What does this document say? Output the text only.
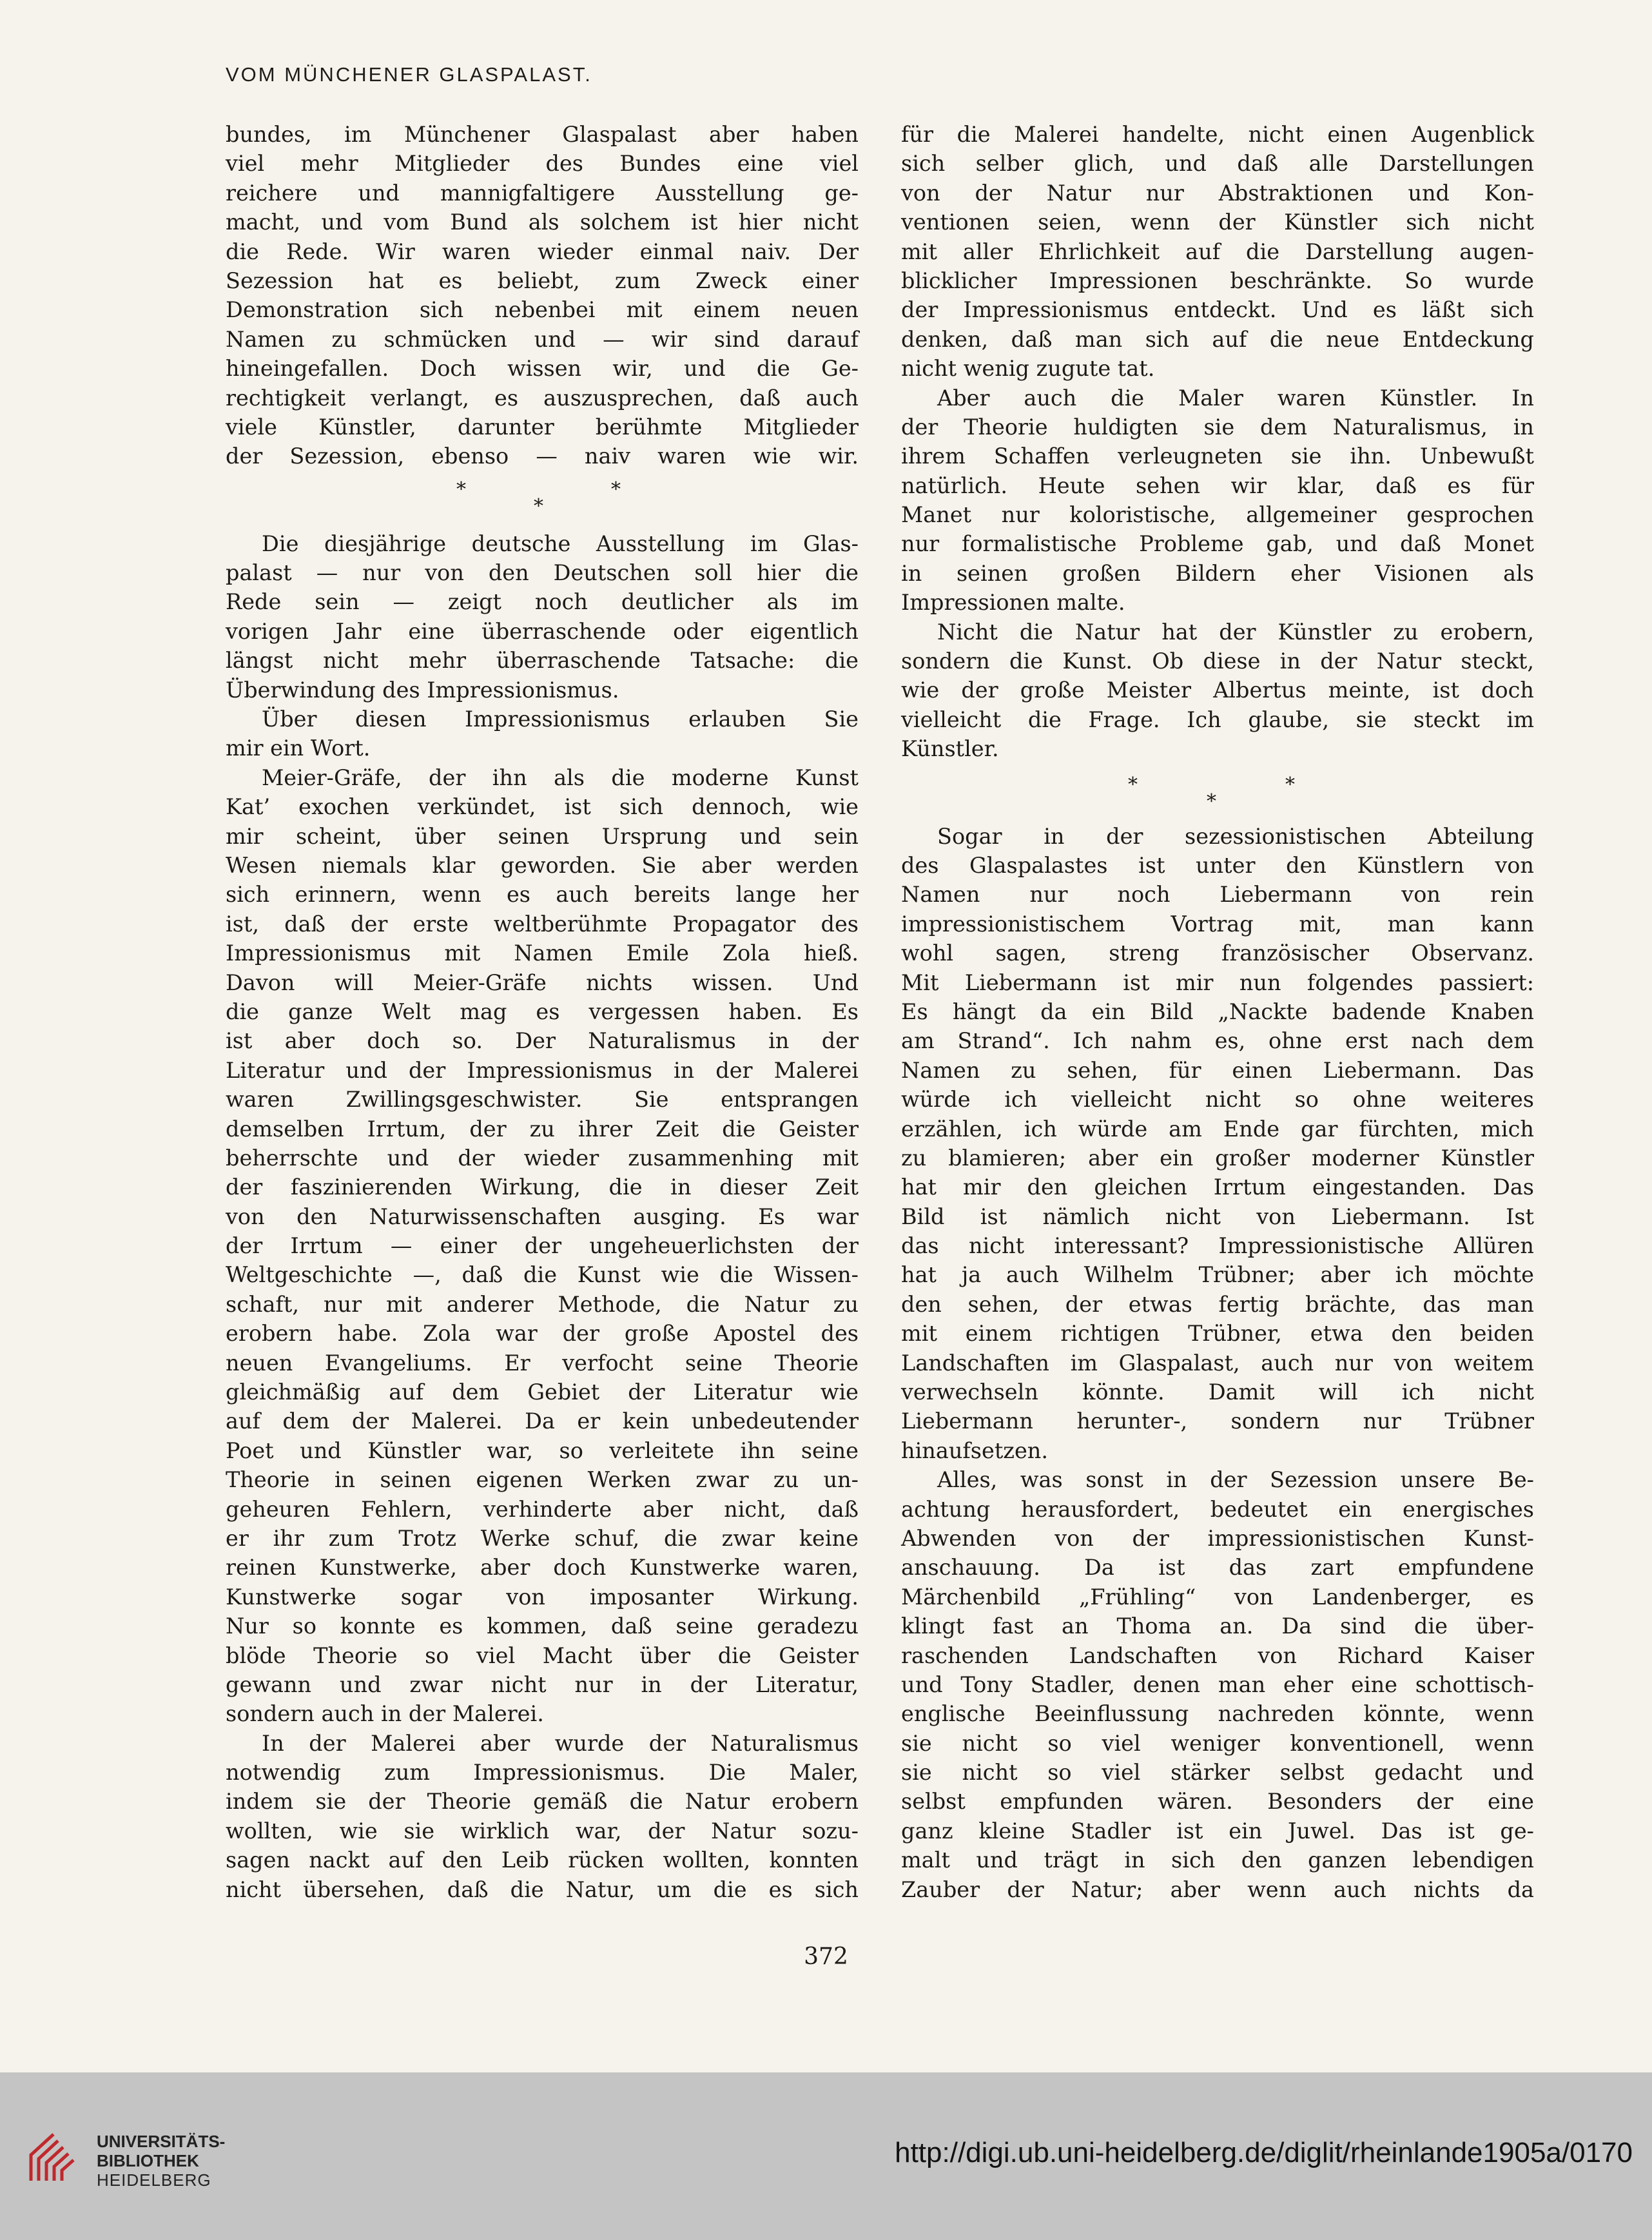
VOM MÜNCHENER GLASPALAST.
bundes, im Münchener Glaspalast aber haben
viel mehr Mitglieder des Bundes eine viel
reichere und mannigfaltigere Ausstellung ge-
macht, und vom Bund als solchem ist hier nicht
die Rede. Wir waren wieder einmal naiv. Der
Sezession hat es beliebt, zum Zweck einer
Demonstration sich nebenbei mit einem neuen
Namen zu schmücken und — wir sind darauf
hineingefallen. Doch wissen wir, und die Ge-
rechtigkeit verlangt, es auszusprechen, daß auch
viele Künstler, darunter berühmte Mitglieder
der Sezession, ebenso — naiv waren wie wir.
*
*
*
Die diesjährige deutsche Ausstellung im Glas-
palast — nur von den Deutschen soll hier die
Rede sein — zeigt noch deutlicher als im
vorigen Jahr eine überraschende oder eigentlich
längst nicht mehr überraschende Tatsache: die
Überwindung des Impressionismus.
Über diesen Impressionismus erlauben Sie
mir ein Wort.
Meier-Gräfe, der ihn als die moderne Kunst
Kat’ exochen verkündet, ist sich dennoch, wie
mir scheint, über seinen Ursprung und sein
Wesen niemals klar geworden. Sie aber werden
sich erinnern, wenn es auch bereits lange her
ist, daß der erste weltberühmte Propagator des
Impressionismus mit Namen Emile Zola hieß.
Davon will Meier-Gräfe nichts wissen. Und
die ganze Welt mag es vergessen haben. Es
ist aber doch so. Der Naturalismus in der
Literatur und der Impressionismus in der Malerei
waren Zwillingsgeschwister. Sie entsprangen
demselben Irrtum, der zu ihrer Zeit die Geister
beherrschte und der wieder zusammenhing mit
der faszinierenden Wirkung, die in dieser Zeit
von den Naturwissenschaften ausging. Es war
der Irrtum — einer der ungeheuerlichsten der
Weltgeschichte —, daß die Kunst wie die Wissen-
schaft, nur mit anderer Methode, die Natur zu
erobern habe. Zola war der große Apostel des
neuen Evangeliums. Er verfocht seine Theorie
gleichmäßig auf dem Gebiet der Literatur wie
auf dem der Malerei. Da er kein unbedeutender
Poet und Künstler war, so verleitete ihn seine
Theorie in seinen eigenen Werken zwar zu un-
geheuren Fehlern, verhinderte aber nicht, daß
er ihr zum Trotz Werke schuf, die zwar keine
reinen Kunstwerke, aber doch Kunstwerke waren,
Kunstwerke sogar von imposanter Wirkung.
Nur so konnte es kommen, daß seine geradezu
blöde Theorie so viel Macht über die Geister
gewann und zwar nicht nur in der Literatur,
sondern auch in der Malerei.
In der Malerei aber wurde der Naturalismus
notwendig zum Impressionismus. Die Maler,
indem sie der Theorie gemäß die Natur erobern
wollten, wie sie wirklich war, der Natur sozu-
sagen nackt auf den Leib rücken wollten, konnten
nicht übersehen, daß die Natur, um die es sich
für die Malerei handelte, nicht einen Augenblick
sich selber glich, und daß alle Darstellungen
von der Natur nur Abstraktionen und Kon-
ventionen seien, wenn der Künstler sich nicht
mit aller Ehrlichkeit auf die Darstellung augen-
blicklicher Impressionen beschränkte. So wurde
der Impressionismus entdeckt. Und es läßt sich
denken, daß man sich auf die neue Entdeckung
nicht wenig zugute tat.
Aber auch die Maler waren Künstler. In
der Theorie huldigten sie dem Naturalismus, in
ihrem Schaffen verleugneten sie ihn. Unbewußt
natürlich. Heute sehen wir klar, daß es für
Manet nur koloristische, allgemeiner gesprochen
nur formalistische Probleme gab, und daß Monet
in seinen großen Bildern eher Visionen als
Impressionen malte.
Nicht die Natur hat der Künstler zu erobern,
sondern die Kunst. Ob diese in der Natur steckt,
wie der große Meister Albertus meinte, ist doch
vielleicht die Frage. Ich glaube, sie steckt im
Künstler.
*
*
*
Sogar in der sezessionistischen Abteilung
des Glaspalastes ist unter den Künstlern von
Namen nur noch Liebermann von rein
impressionistischem Vortrag mit, man kann
wohl sagen, streng französischer Observanz.
Mit Liebermann ist mir nun folgendes passiert:
Es hängt da ein Bild „Nackte badende Knaben
am Strand“. Ich nahm es, ohne erst nach dem
Namen zu sehen, für einen Liebermann. Das
würde ich vielleicht nicht so ohne weiteres
erzählen, ich würde am Ende gar fürchten, mich
zu blamieren; aber ein großer moderner Künstler
hat mir den gleichen Irrtum eingestanden. Das
Bild ist nämlich nicht von Liebermann. Ist
das nicht interessant? Impressionistische Allüren
hat ja auch Wilhelm Trübner; aber ich möchte
den sehen, der etwas fertig brächte, das man
mit einem richtigen Trübner, etwa den beiden
Landschaften im Glaspalast, auch nur von weitem
verwechseln könnte. Damit will ich nicht
Liebermann herunter-, sondern nur Trübner
hinaufsetzen.
Alles, was sonst in der Sezession unsere Be-
achtung herausfordert, bedeutet ein energisches
Abwenden von der impressionistischen Kunst-
anschauung. Da ist das zart empfundene
Märchenbild „Frühling“ von Landenberger, es
klingt fast an Thoma an. Da sind die über-
raschenden Landschaften von Richard Kaiser
und Tony Stadler, denen man eher eine schottisch-
englische Beeinflussung nachreden könnte, wenn
sie nicht so viel weniger konventionell, wenn
sie nicht so viel stärker selbst gedacht und
selbst empfunden wären. Besonders der eine
ganz kleine Stadler ist ein Juwel. Das ist ge-
malt und trägt in sich den ganzen lebendigen
Zauber der Natur; aber wenn auch nichts da
372
UNIVERSITÄTS-
BIBLIOTHEK
HEIDELBERG
http://digi.ub.uni-heidelberg.de/diglit/rheinlande1905a/0170
